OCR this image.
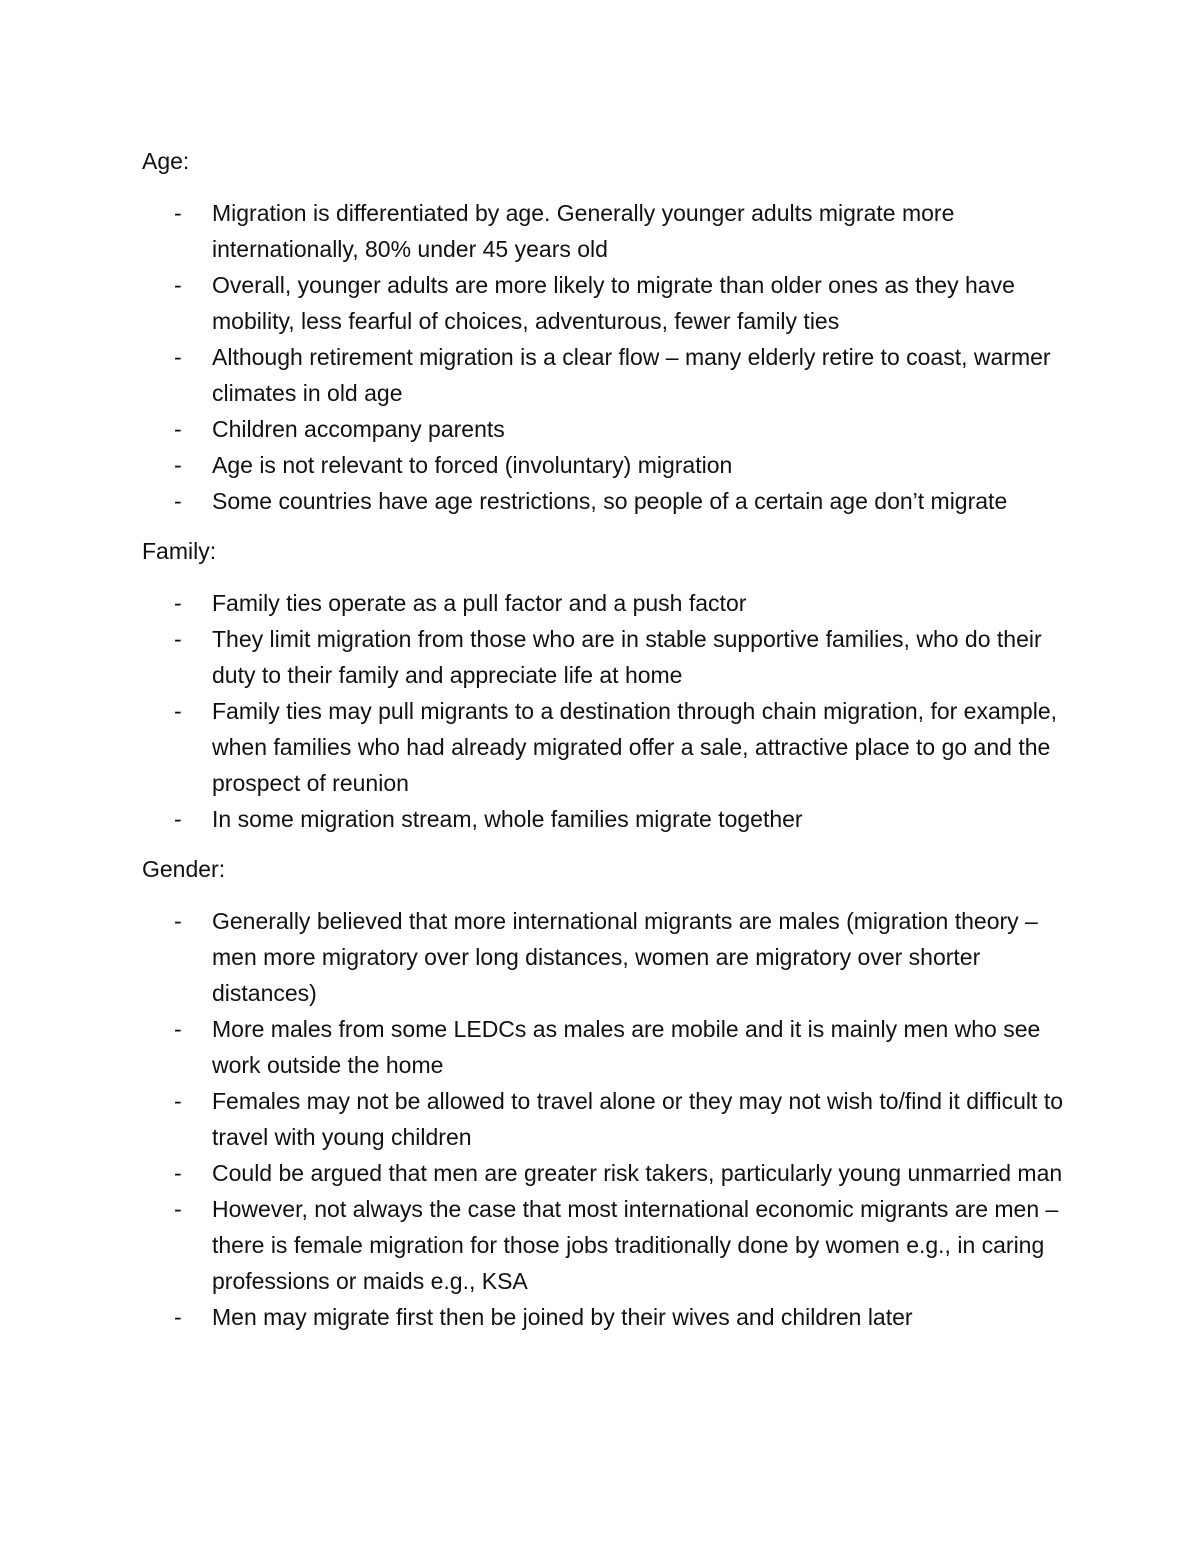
Age:

-	Migration is differentiated by age. Generally younger adults migrate more internationally, 80% under 45 years old
-	Overall, younger adults are more likely to migrate than older ones as they have mobility, less fearful of choices, adventurous, fewer family ties
-	Although retirement migration is a clear flow – many elderly retire to coast, warmer climates in old age
-	Children accompany parents
-	Age is not relevant to forced (involuntary) migration
-	Some countries have age restrictions, so people of a certain age don’t migrate

Family:

-	Family ties operate as a pull factor and a push factor
-	They limit migration from those who are in stable supportive families, who do their duty to their family and appreciate life at home
-	Family ties may pull migrants to a destination through chain migration, for example, when families who had already migrated offer a sale, attractive place to go and the prospect of reunion
-	In some migration stream, whole families migrate together

Gender:

-	Generally believed that more international migrants are males (migration theory – men more migratory over long distances, women are migratory over shorter distances)
-	More males from some LEDCs as males are mobile and it is mainly men who see work outside the home
-	Females may not be allowed to travel alone or they may not wish to/find it difficult to travel with young children
-	Could be argued that men are greater risk takers, particularly young unmarried man
-	However, not always the case that most international economic migrants are men – there is female migration for those jobs traditionally done by women e.g., in caring professions or maids e.g., KSA
-	Men may migrate first then be joined by their wives and children later
